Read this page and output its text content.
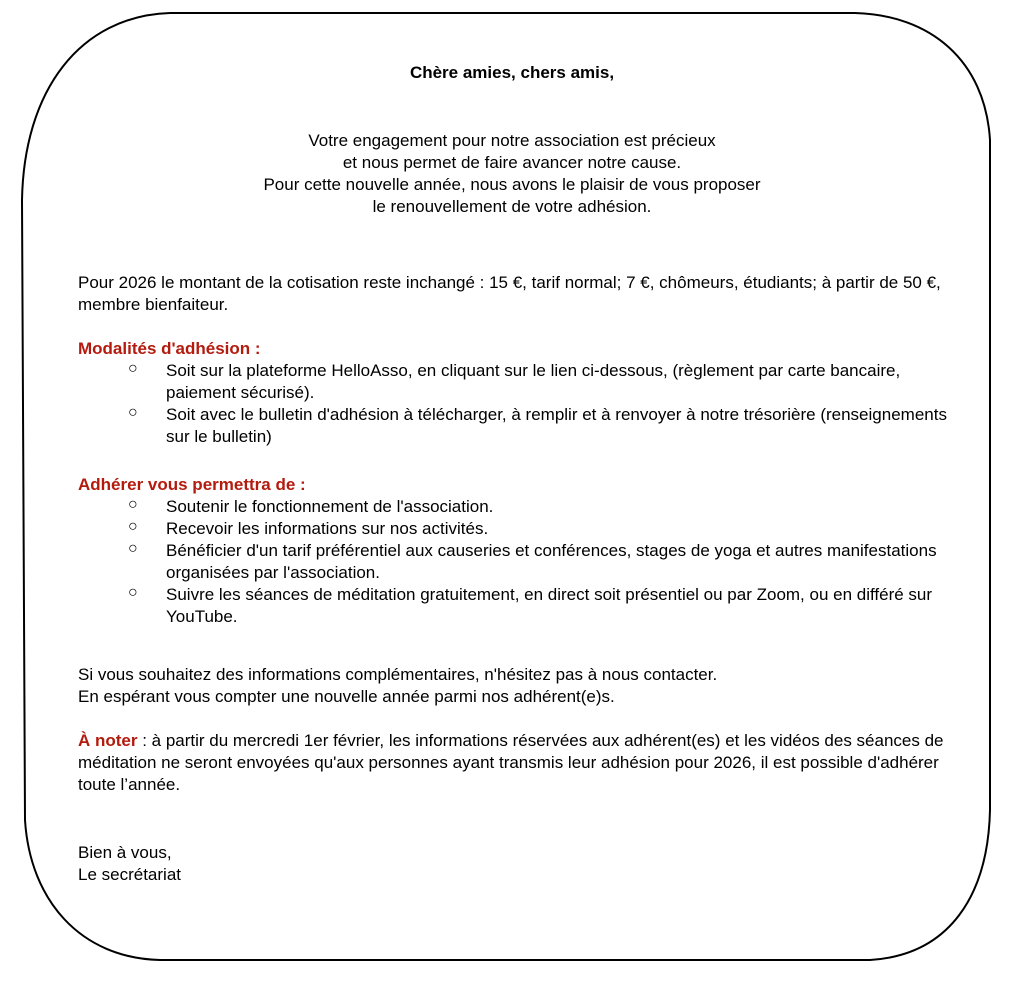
Chère amies, chers amis,
Votre engagement pour notre association est précieux
et nous permet de faire avancer notre cause.
Pour cette nouvelle année, nous avons le plaisir de vous proposer
le renouvellement de votre adhésion.
Pour 2026 le montant de la cotisation reste inchangé : 15 €, tarif normal; 7 €, chômeurs, étudiants; à partir de 50 €, membre bienfaiteur.
Modalités d'adhésion :
○ Soit sur la plateforme HelloAsso, en cliquant sur le lien ci-dessous, (règlement par carte bancaire, paiement sécurisé).
○ Soit avec le bulletin d'adhésion à télécharger, à remplir et à renvoyer à notre trésorière (renseignements sur le bulletin)
Adhérer vous permettra de :
○ Soutenir le fonctionnement de l'association.
○ Recevoir les informations sur nos activités.
○ Bénéficier d'un tarif préférentiel aux causeries et conférences, stages de yoga et autres manifestations organisées par l'association.
○ Suivre les séances de méditation gratuitement, en direct soit présentiel ou par Zoom, ou en différé sur YouTube.
Si vous souhaitez des informations complémentaires, n'hésitez pas à nous contacter.
En espérant vous compter une nouvelle année parmi nos adhérent(e)s.
À noter : à partir du mercredi 1er février, les informations réservées aux adhérent(es) et les vidéos des séances de méditation ne seront envoyées qu'aux personnes ayant transmis leur adhésion pour 2026, il est possible d'adhérer toute l’année.
Bien à vous,
Le secrétariat
